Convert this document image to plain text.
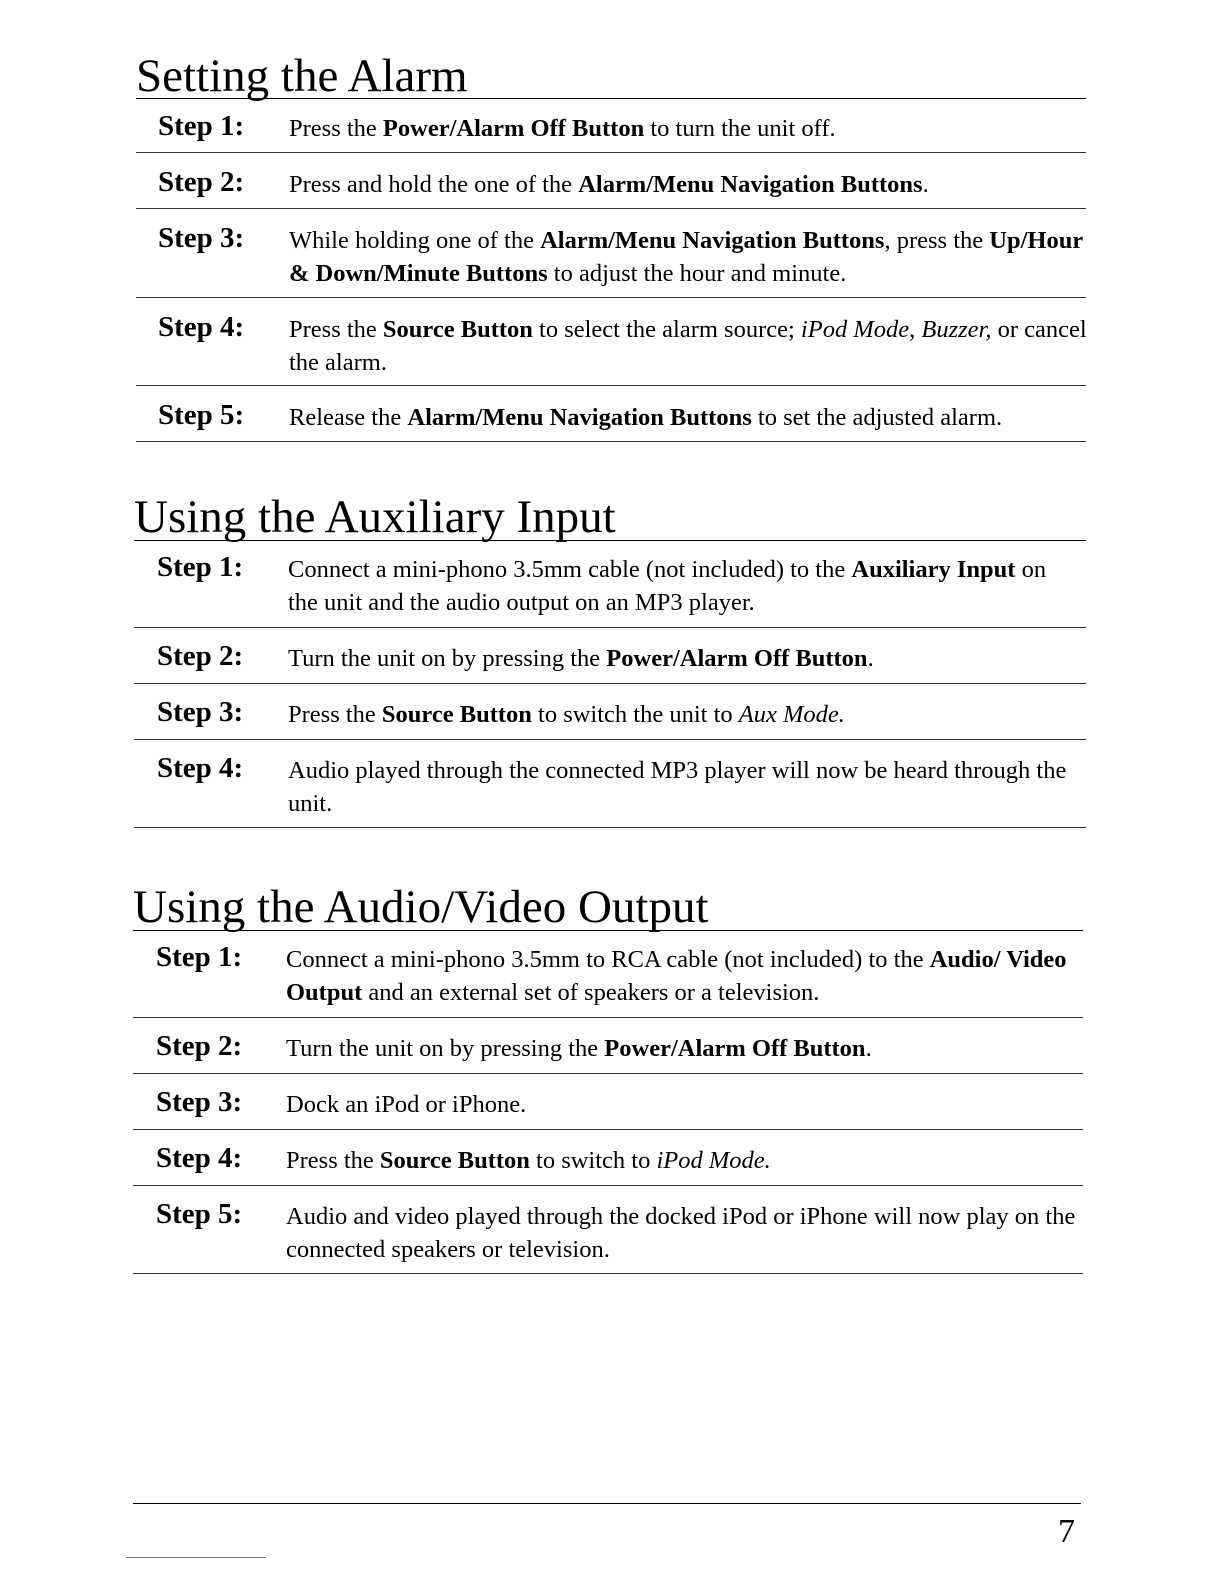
Setting the Alarm
Step 1: Press the Power/Alarm Off Button to turn the unit off.
Step 2: Press and hold the one of the Alarm/Menu Navigation Buttons.
Step 3: While holding one of the Alarm/Menu Navigation Buttons, press the Up/Hour & Down/Minute Buttons to adjust the hour and minute.
Step 4: Press the Source Button to select the alarm source; iPod Mode, Buzzer, or cancel the alarm.
Step 5: Release the Alarm/Menu Navigation Buttons to set the adjusted alarm.
Using the Auxiliary Input
Step 1: Connect a mini-phono 3.5mm cable (not included) to the Auxiliary Input on the unit and the audio output on an MP3 player.
Step 2: Turn the unit on by pressing the Power/Alarm Off Button.
Step 3: Press the Source Button to switch the unit to Aux Mode.
Step 4: Audio played through the connected MP3 player will now be heard through the unit.
Using the Audio/Video Output
Step 1: Connect a mini-phono 3.5mm to RCA cable (not included) to the Audio/ Video Output and an external set of speakers or a television.
Step 2: Turn the unit on by pressing the Power/Alarm Off Button.
Step 3: Dock an iPod or iPhone.
Step 4: Press the Source Button to switch to iPod Mode.
Step 5: Audio and video played through the docked iPod or iPhone will now play on the connected speakers or television.
7
